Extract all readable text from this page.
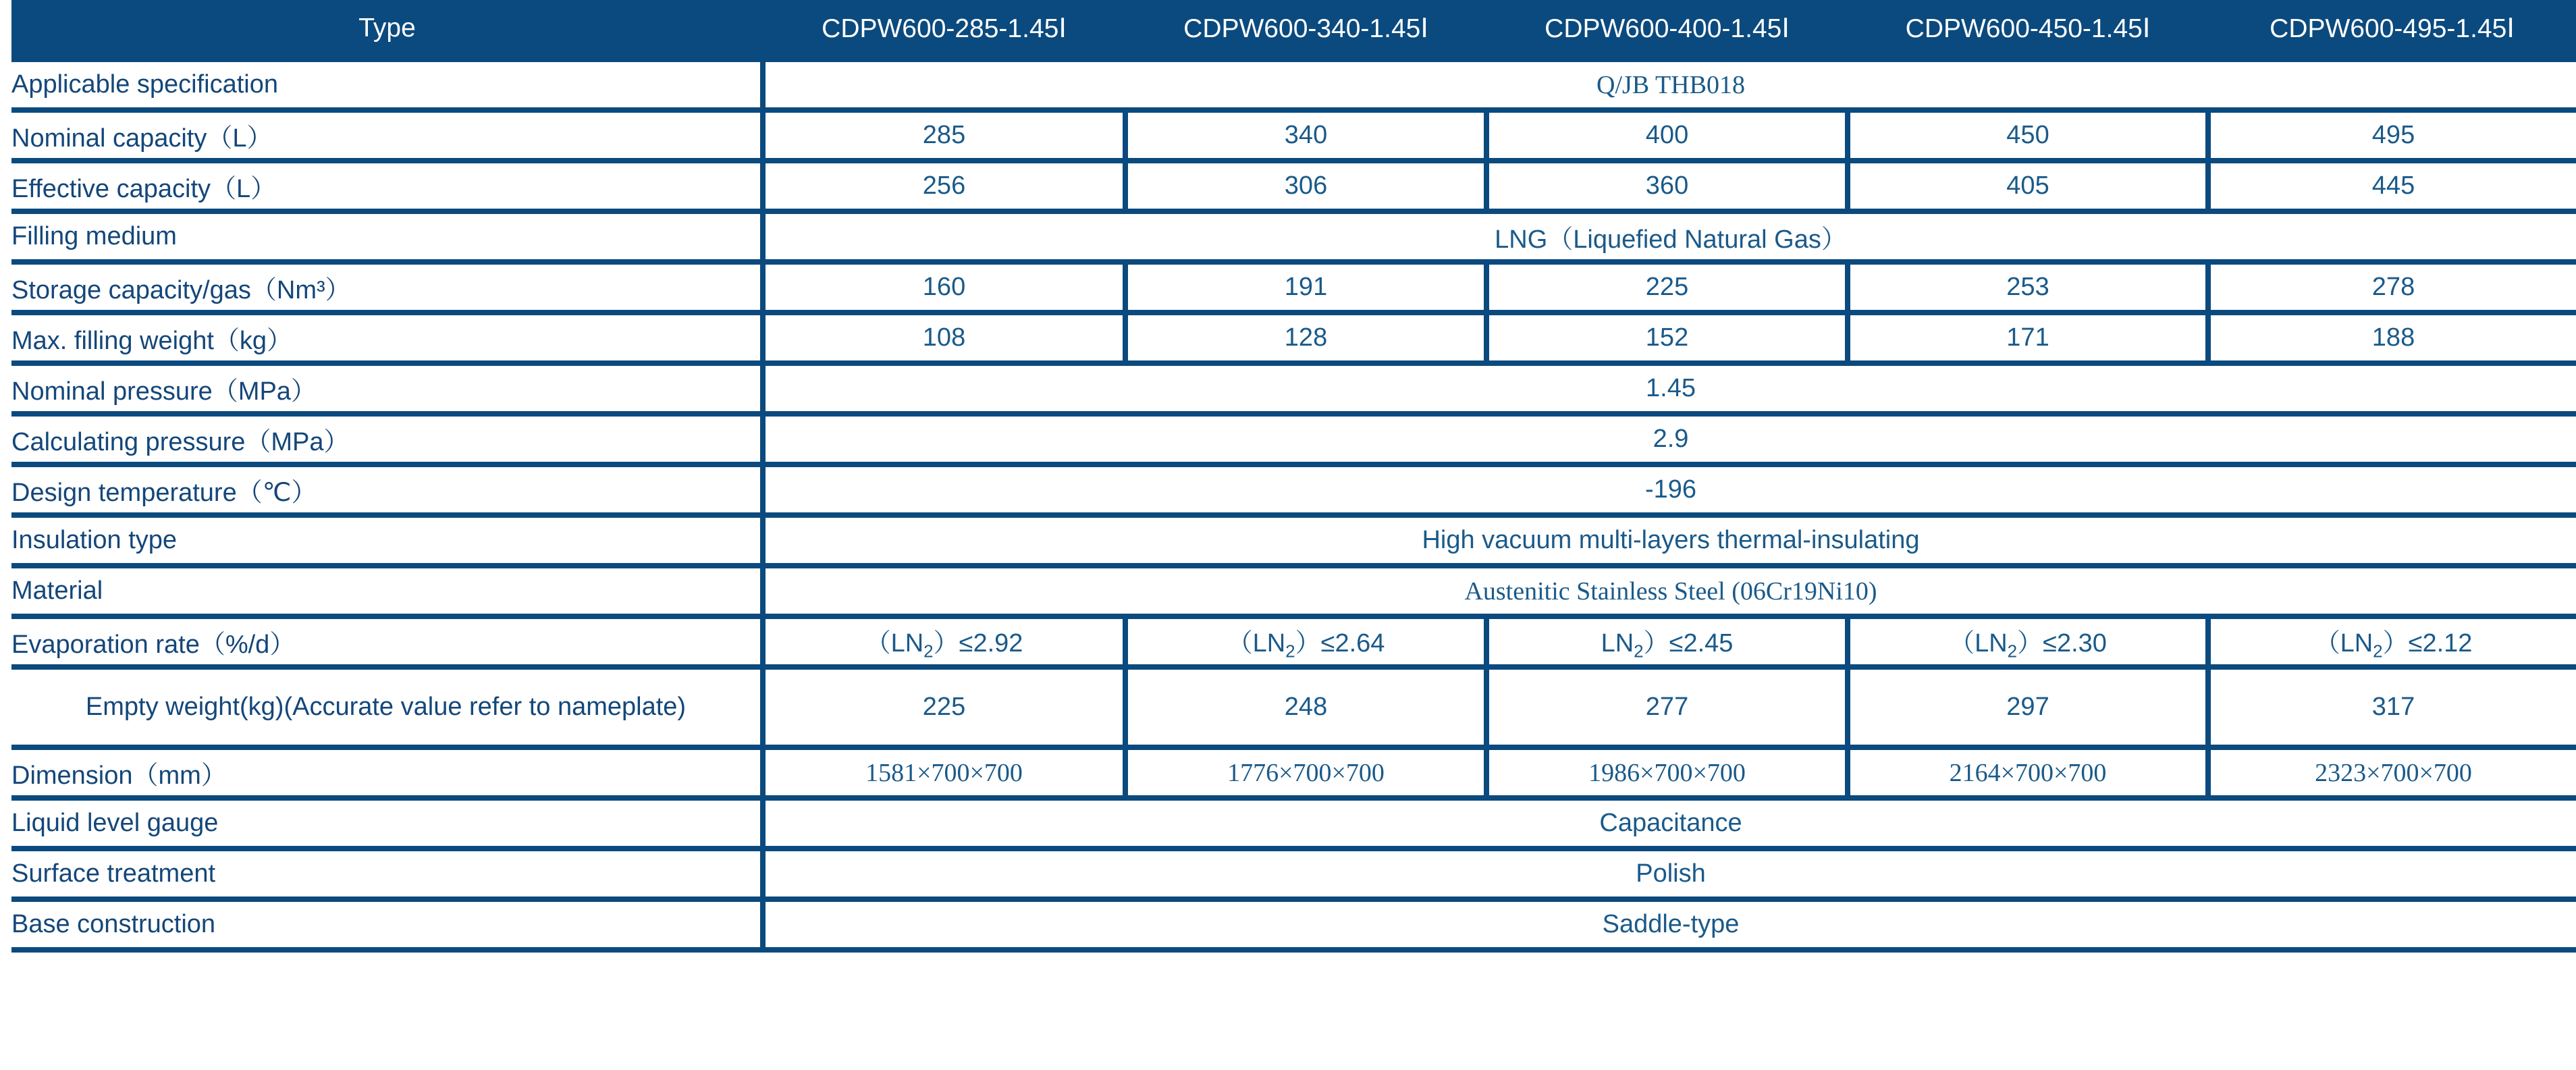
Type	CDPW600-285-1.45Ⅰ	CDPW600-340-1.45Ⅰ	CDPW600-400-1.45Ⅰ	CDPW600-450-1.45Ⅰ	CDPW600-495-1.45Ⅰ
Applicable specification	Q/JB THB018				
Nominal capacity（L）	285	340	400	450	495
Effective capacity（L）	256	306	360	405	445
Filling medium	LNG（Liquefied Natural Gas）				
Storage capacity/gas（Nm³）	160	191	225	253	278
Max. filling weight（kg）	108	128	152	171	188
Nominal pressure（MPa）	1.45				
Calculating pressure（MPa）	2.9				
Design temperature（℃）	-196				
Insulation type	High vacuum multi-layers thermal-insulating				
Material	Austenitic Stainless Steel (06Cr19Ni10)				
Evaporation rate（%/d）	$(LN_2)\le 2.92$	$(LN_2)\le 2.64$	$LN_2)\le 2.45$	$(LN_2)\le 2.30$	$(LN_2)\le 2.12$
Empty weight(kg)(Accurate value refer to nameplate)	225	248	277	297	317
Dimension（mm）	1581×700×700	1776×700×700	1986×700×700	2164×700×700	2323×700×700
Liquid level gauge	Capacitance				
Surface treatment	Polish				
Base construction	Saddle-type				
